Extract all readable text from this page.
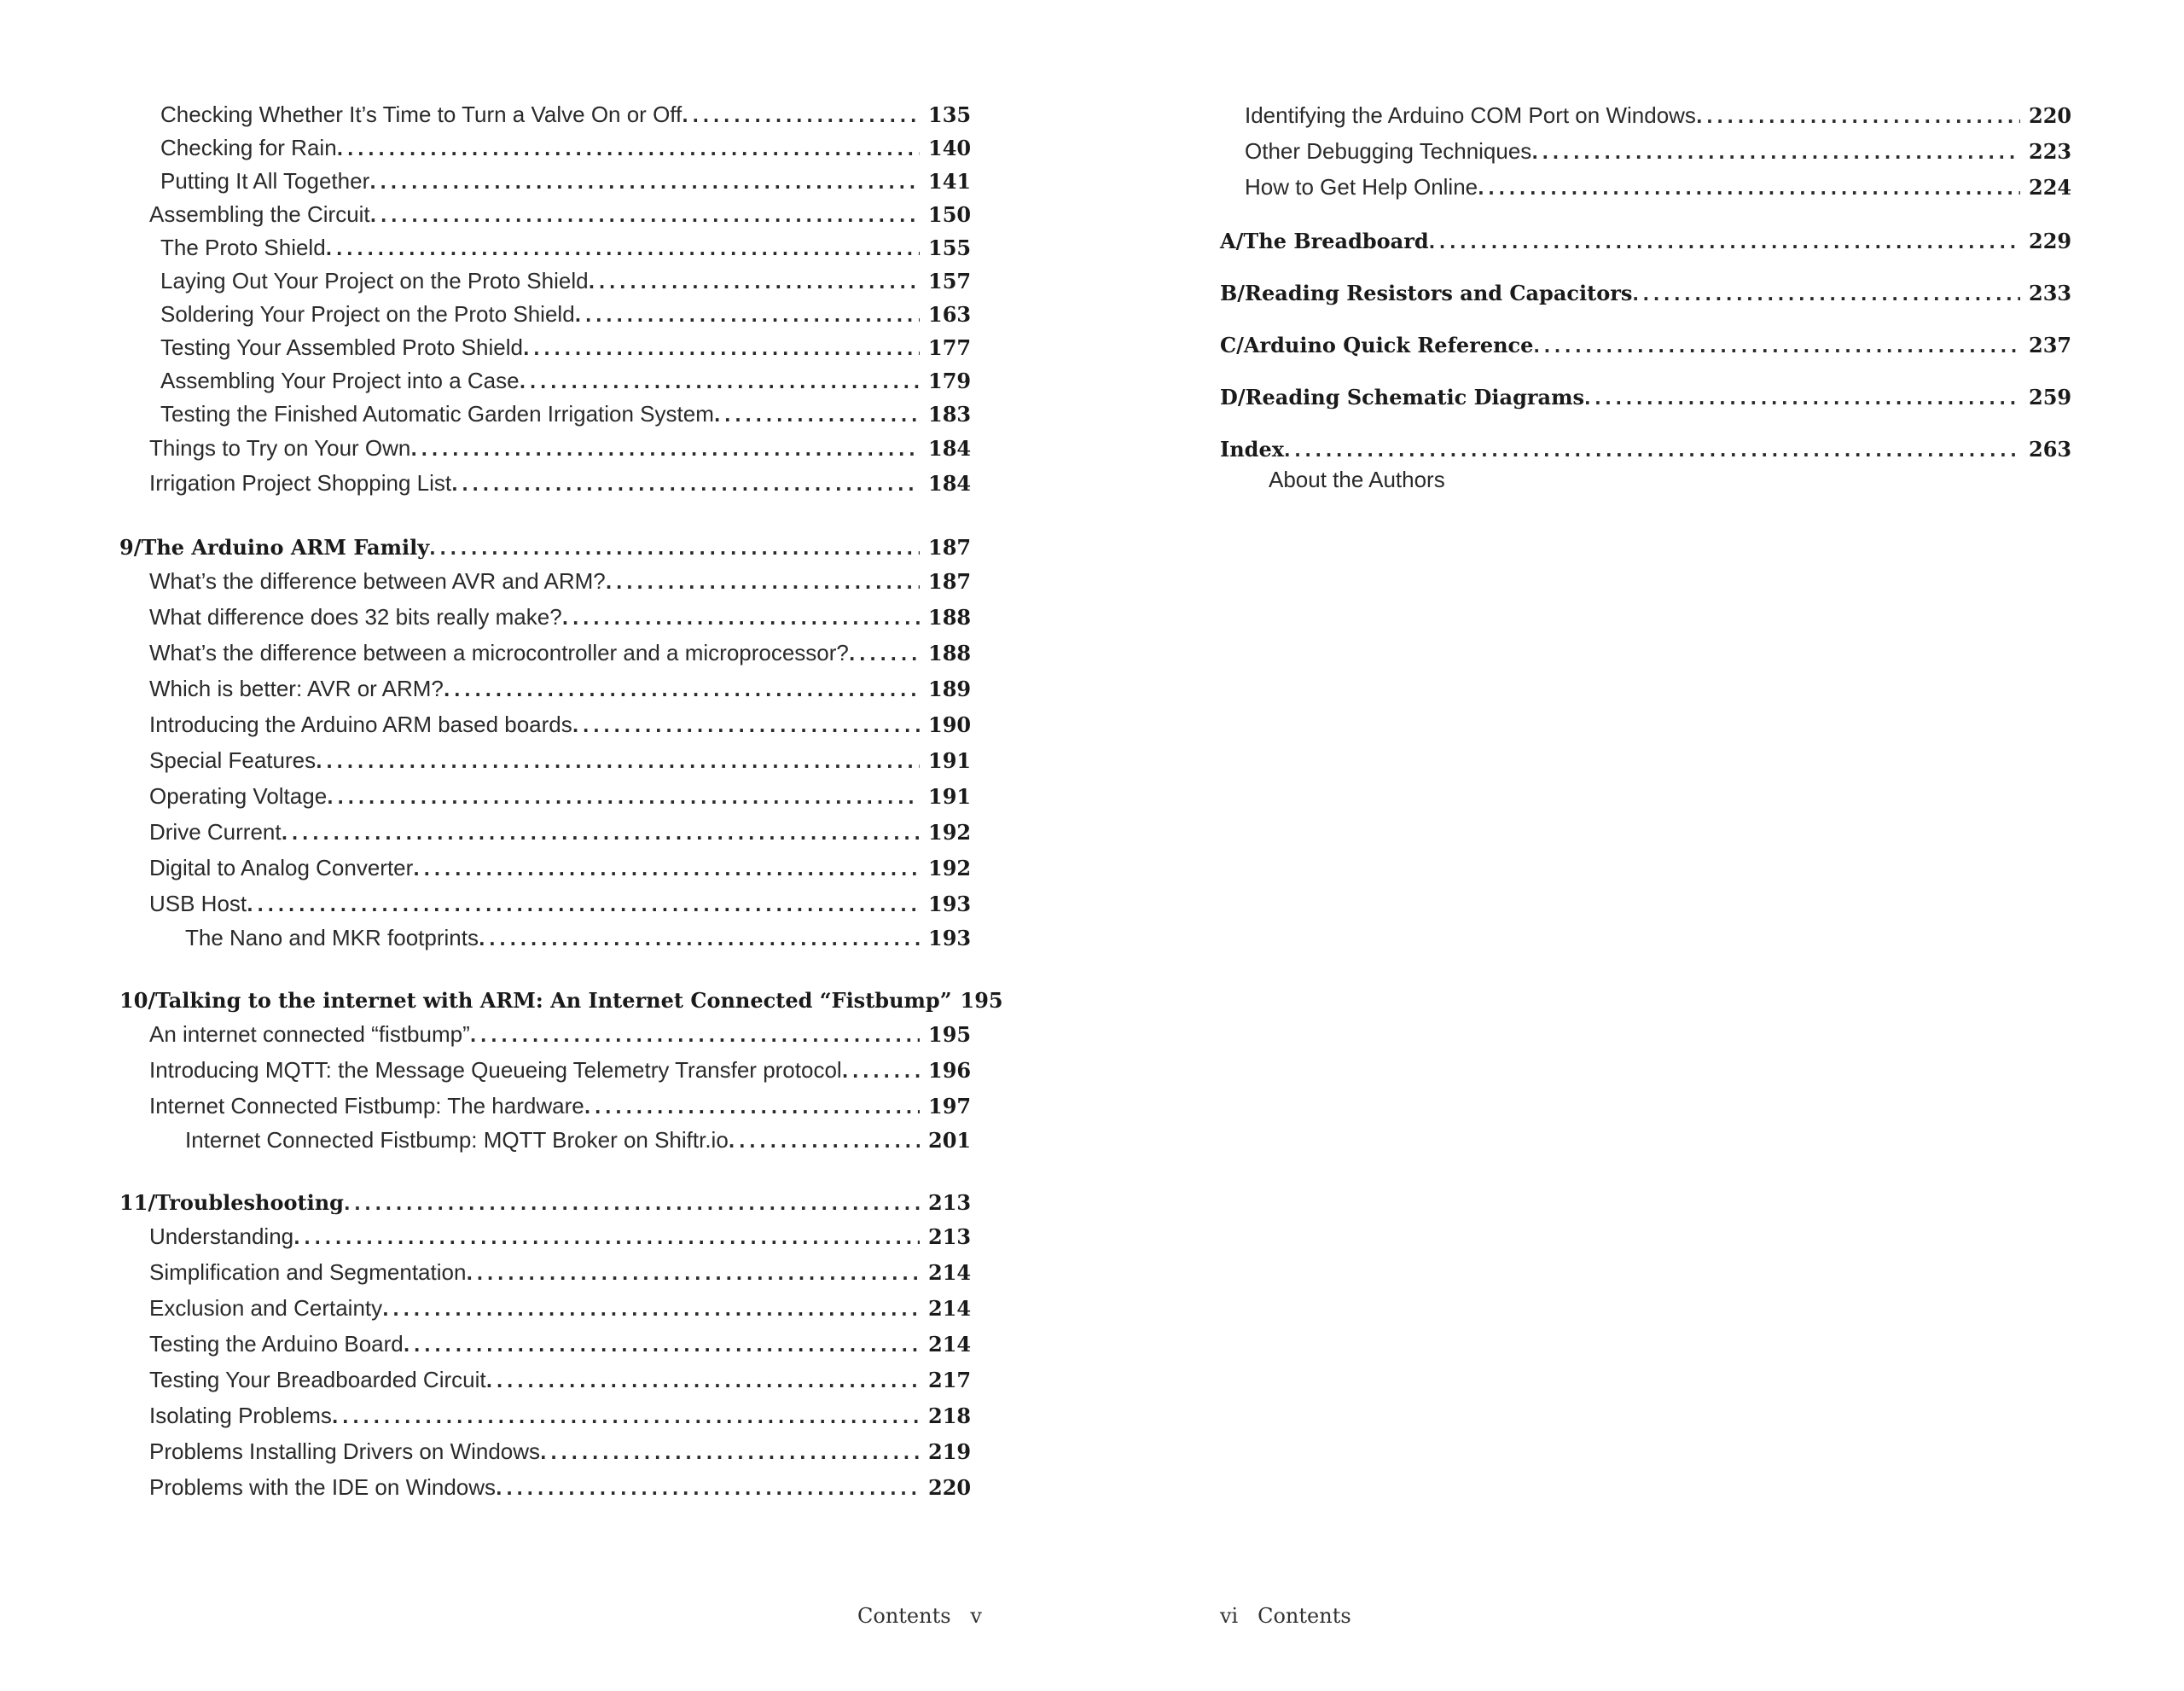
Checking Whether It’s Time to Turn a Valve On or Off . . .	135
Checking for Rain . . .	140
Putting It All Together . . .	141
Assembling the Circuit . . .	150
The Proto Shield . . .	155
Laying Out Your Project on the Proto Shield . . .	157
Soldering Your Project on the Proto Shield . . .	163
Testing Your Assembled Proto Shield . . .	177
Assembling Your Project into a Case . . .	179
Testing the Finished Automatic Garden Irrigation System . . .	183
Things to Try on Your Own . . .	184
Irrigation Project Shopping List . . .	184
9/The Arduino ARM Family . . .	187
What’s the difference between AVR and ARM? . . .	187
What difference does 32 bits really make? . . .	188
What’s the difference between a microcontroller and a microprocessor? . . .	188
Which is better: AVR or ARM? . . .	189
Introducing the Arduino ARM based boards . . .	190
Special Features . . .	191
Operating Voltage . . .	191
Drive Current . . .	192
Digital to Analog Converter . . .	192
USB Host . . .	193
The Nano and MKR footprints . . .	193
10/Talking to the internet with ARM: An Internet Connected “Fistbump” 195
An internet connected “fistbump” . . .	195
Introducing MQTT: the Message Queueing Telemetry Transfer protocol . . .	196
Internet Connected Fistbump: The hardware . . .	197
Internet Connected Fistbump: MQTT Broker on Shiftr.io . . .	201
11/Troubleshooting . . .	213
Understanding . . .	213
Simplification and Segmentation . . .	214
Exclusion and Certainty . . .	214
Testing the Arduino Board . . .	214
Testing Your Breadboarded Circuit . . .	217
Isolating Problems . . .	218
Problems Installing Drivers on Windows . . .	219
Problems with the IDE on Windows . . .	220
Contents   v
Identifying the Arduino COM Port on Windows . . .	220
Other Debugging Techniques . . .	223
How to Get Help Online . . .	224
A/The Breadboard . . .	229
B/Reading Resistors and Capacitors . . .	233
C/Arduino Quick Reference . . .	237
D/Reading Schematic Diagrams . . .	259
Index . . .	263
About the Authors
vi   Contents
